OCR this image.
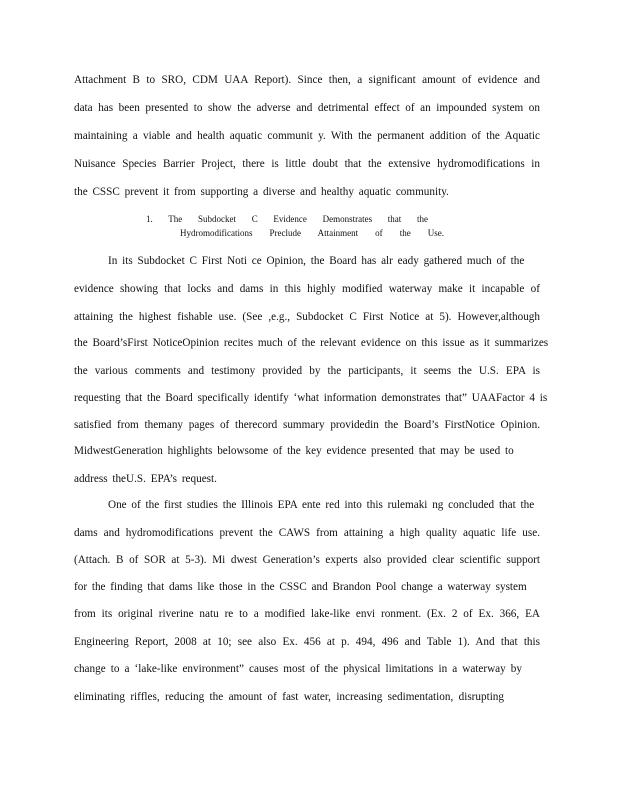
Attachment B to SRO, CDM UAA Report). Since then, a significant amount of evidence and
data has been presented to show the adverse and detrimental effect of an impounded system on
maintaining a viable and health aquatic communit y. With the permanent addition of the Aquatic
Nuisance Species Barrier Project, there is little doubt that the extensive hydromodifications in
the CSSC prevent it from supporting a diverse and healthy aquatic community.
1. The Subdocket C Evidence Demonstrates that the
Hydromodifications Preclude Attainment of the Use.
In its Subdocket C First Noti ce Opinion, the Board has alr eady gathered much of the
evidence showing that locks and dams in this highly modified waterway make it incapable of
attaining the highest fishable use. (See ,e.g., Subdocket C First Notice at 5). However,although
the Board’sFirst NoticeOpinion recites much of the relevant evidence on this issue as it summarizes
the various comments and testimony provided by the participants, it seems the U.S. EPA is
requesting that the Board specifically identify ‘what information demonstrates that” UAAFactor 4 is
satisfied from themany pages of therecord summary providedin the Board’s FirstNotice Opinion.
MidwestGeneration highlights belowsome of the key evidence presented that may be used to
address theU.S. EPA’s request.
One of the first studies the Illinois EPA ente red into this rulemaki ng concluded that the
dams and hydromodifications prevent the CAWS from attaining a high quality aquatic life use.
(Attach. B of SOR at 5-3). Mi dwest Generation’s experts also provided clear scientific support
for the finding that dams like those in the CSSC and Brandon Pool change a waterway system
from its original riverine natu re to a modified lake-like envi ronment. (Ex. 2 of Ex. 366, EA
Engineering Report, 2008 at 10; see also Ex. 456 at p. 494, 496 and Table 1). And that this
change to a ‘lake-like environment” causes most of the physical limitations in a waterway by
eliminating riffles, reducing the amount of fast water, increasing sedimentation, disrupting
